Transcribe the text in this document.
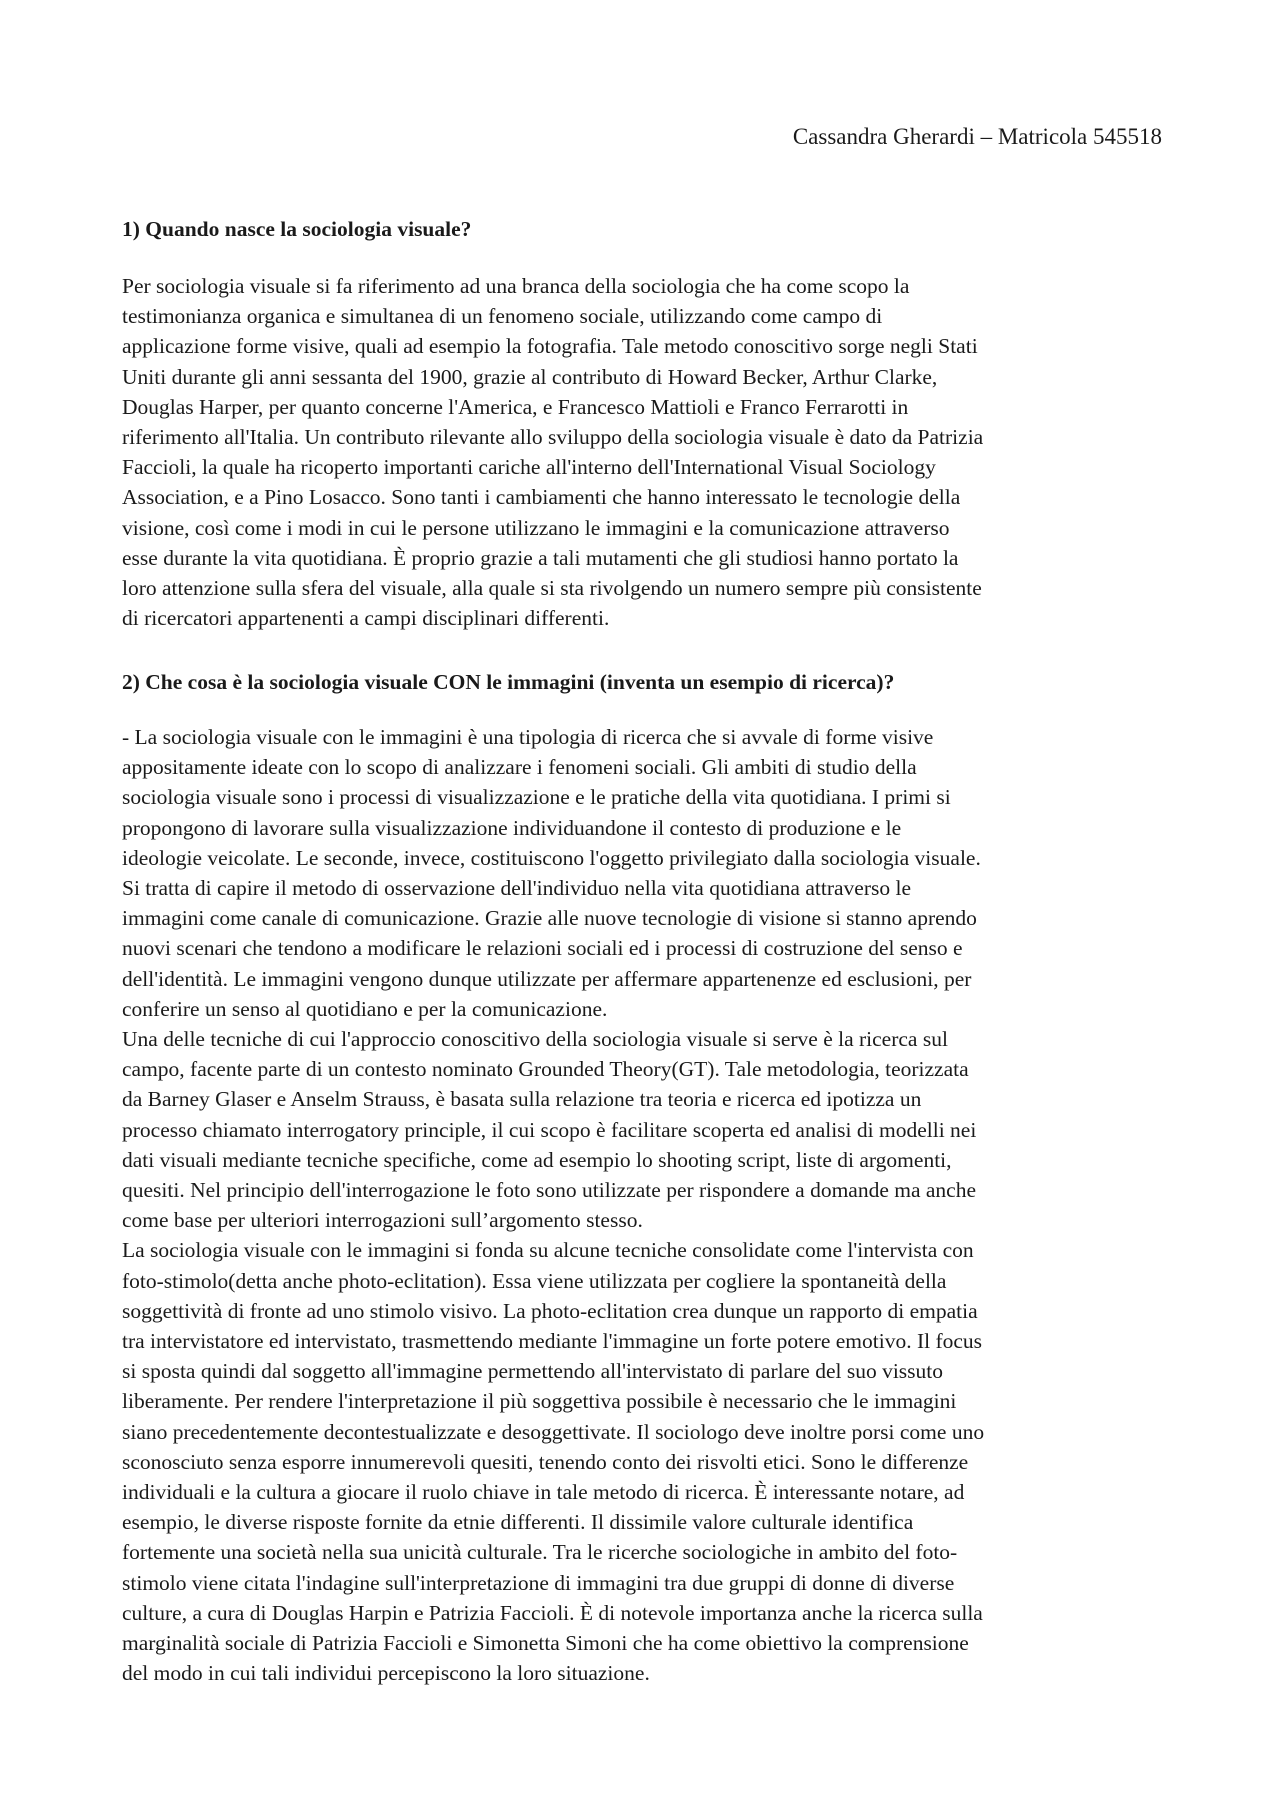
Cassandra Gherardi – Matricola 545518
1) Quando nasce la sociologia visuale?
Per sociologia visuale si fa riferimento ad una branca della sociologia che ha come scopo la
testimonianza organica e simultanea di un fenomeno sociale, utilizzando come campo di
applicazione forme visive, quali ad esempio la fotografia. Tale metodo conoscitivo sorge negli Stati
Uniti durante gli anni sessanta del 1900, grazie al contributo di Howard Becker, Arthur Clarke,
Douglas Harper, per quanto concerne l'America, e Francesco Mattioli e Franco Ferrarotti in
riferimento all'Italia. Un contributo rilevante allo sviluppo della sociologia visuale è dato da Patrizia
Faccioli, la quale ha ricoperto importanti cariche all'interno dell'International Visual Sociology
Association, e a Pino Losacco. Sono tanti i cambiamenti che hanno interessato le tecnologie della
visione, così come i modi in cui le persone utilizzano le immagini e la comunicazione attraverso
esse durante la vita quotidiana. È proprio grazie a tali mutamenti che gli studiosi hanno portato la
loro attenzione sulla sfera del visuale, alla quale si sta rivolgendo un numero sempre più consistente
di ricercatori appartenenti a campi disciplinari differenti.
2) Che cosa è la sociologia visuale CON le immagini (inventa un esempio di ricerca)?
- La sociologia visuale con le immagini è una tipologia di ricerca che si avvale di forme visive
appositamente ideate con lo scopo di analizzare i fenomeni sociali. Gli ambiti di studio della
sociologia visuale sono i processi di visualizzazione e le pratiche della vita quotidiana. I primi si
propongono di lavorare sulla visualizzazione individuandone il contesto di produzione e le
ideologie veicolate. Le seconde, invece, costituiscono l'oggetto privilegiato dalla sociologia visuale.
Si tratta di capire il metodo di osservazione dell'individuo nella vita quotidiana attraverso le
immagini come canale di comunicazione. Grazie alle nuove tecnologie di visione si stanno aprendo
nuovi scenari che tendono a modificare le relazioni sociali ed i processi di costruzione del senso e
dell'identità. Le immagini vengono dunque utilizzate per affermare appartenenze ed esclusioni, per
conferire un senso al quotidiano e per la comunicazione.
Una delle tecniche di cui l'approccio conoscitivo della sociologia visuale si serve è la ricerca sul
campo, facente parte di un contesto nominato Grounded Theory(GT). Tale metodologia, teorizzata
da Barney Glaser e Anselm Strauss, è basata sulla relazione tra teoria e ricerca ed ipotizza un
processo chiamato interrogatory principle, il cui scopo è facilitare scoperta ed analisi di modelli nei
dati visuali mediante tecniche specifiche, come ad esempio lo shooting script, liste di argomenti,
quesiti. Nel principio dell'interrogazione le foto sono utilizzate per rispondere a domande ma anche
come base per ulteriori interrogazioni sull’argomento stesso.
La sociologia visuale con le immagini si fonda su alcune tecniche consolidate come l'intervista con
foto-stimolo(detta anche photo-eclitation). Essa viene utilizzata per cogliere la spontaneità della
soggettività di fronte ad uno stimolo visivo. La photo-eclitation crea dunque un rapporto di empatia
tra intervistatore ed intervistato, trasmettendo mediante l'immagine un forte potere emotivo. Il focus
si sposta quindi dal soggetto all'immagine permettendo all'intervistato di parlare del suo vissuto
liberamente. Per rendere l'interpretazione il più soggettiva possibile è necessario che le immagini
siano precedentemente decontestualizzate e desoggettivate. Il sociologo deve inoltre porsi come uno
sconosciuto senza esporre innumerevoli quesiti, tenendo conto dei risvolti etici. Sono le differenze
individuali e la cultura a giocare il ruolo chiave in tale metodo di ricerca. È interessante notare, ad
esempio, le diverse risposte fornite da etnie differenti. Il dissimile valore culturale identifica
fortemente una società nella sua unicità culturale. Tra le ricerche sociologiche in ambito del foto-
stimolo viene citata l'indagine sull'interpretazione di immagini tra due gruppi di donne di diverse
culture, a cura di Douglas Harpin e Patrizia Faccioli. È di notevole importanza anche la ricerca sulla
marginalità sociale di Patrizia Faccioli e Simonetta Simoni che ha come obiettivo la comprensione
del modo in cui tali individui percepiscono la loro situazione.
